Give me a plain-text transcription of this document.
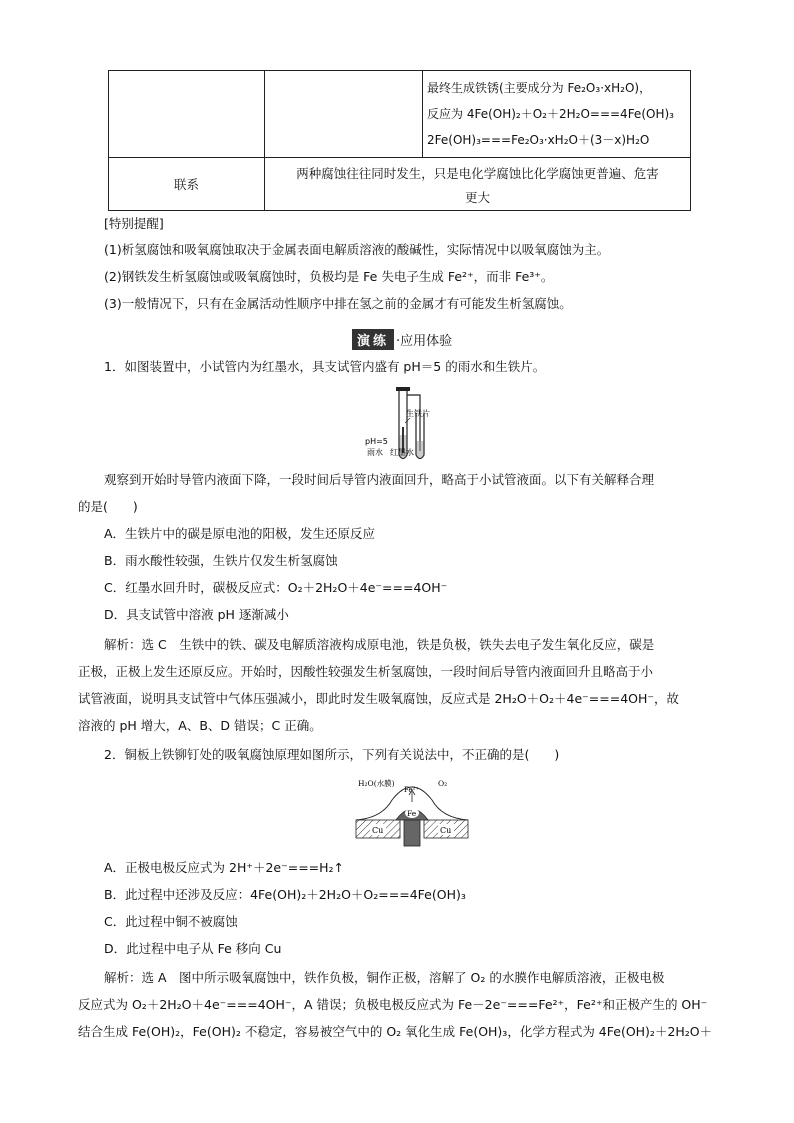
		最终生成铁锈(主要成分为 Fe₂O₃·xH₂O)，
反应为 4Fe(OH)₂＋O₂＋2H₂O===4Fe(OH)₃
2Fe(OH)₃===Fe₂O₃·xH₂O＋(3－x)H₂O

联系	两种腐蚀往往同时发生，只是电化学腐蚀比化学腐蚀更普遍、危害
更大	
[特别提醒]
(1)析氢腐蚀和吸氧腐蚀取决于金属表面电解质溶液的酸碱性，实际情况中以吸氧腐蚀为主。
(2)钢铁发生析氢腐蚀或吸氧腐蚀时，负极均是 Fe 失电子生成 Fe²⁺，而非 Fe³⁺。
(3)一般情况下，只有在金属活动性顺序中排在氢之前的金属才有可能发生析氢腐蚀。
演练 ·应用体验
1．如图装置中，小试管内为红墨水，具支试管内盛有 pH＝5 的雨水和生铁片。
生铁片
pH=5
雨水 红墨水
观察到开始时导管内液面下降，一段时间后导管内液面回升，略高于小试管液面。以下有关解释合理
的是(　　)
A．生铁片中的碳是原电池的阳极，发生还原反应
B．雨水酸性较强，生铁片仅发生析氢腐蚀
C．红墨水回升时，碳极反应式：O₂＋2H₂O＋4e⁻===4OH⁻
D．具支试管中溶液 pH 逐渐减小
解析：选 C　生铁中的铁、碳及电解质溶液构成原电池，铁是负极，铁失去电子发生氧化反应，碳是
正极，正极上发生还原反应。开始时，因酸性较强发生析氢腐蚀，一段时间后导管内液面回升且略高于小
试管液面，说明具支试管中气体压强减小，即此时发生吸氧腐蚀，反应式是 2H₂O＋O₂＋4e⁻===4OH⁻，故
溶液的 pH 增大，A、B、D 错误；C 正确。
2．铜板上铁铆钉处的吸氧腐蚀原理如图所示，下列有关说法中，不正确的是(　　)
H₂O(水膜)	O₂
Fe²⁺
Fe
Cu	Cu
A．正极电极反应式为 2H⁺＋2e⁻===H₂↑
B．此过程中还涉及反应：4Fe(OH)₂＋2H₂O＋O₂===4Fe(OH)₃
C．此过程中铜不被腐蚀
D．此过程中电子从 Fe 移向 Cu
解析：选 A　图中所示吸氧腐蚀中，铁作负极，铜作正极，溶解了 O₂ 的水膜作电解质溶液，正极电极
反应式为 O₂＋2H₂O＋4e⁻===4OH⁻，A 错误；负极电极反应式为 Fe－2e⁻===Fe²⁺，Fe²⁺和正极产生的 OH⁻
结合生成 Fe(OH)₂，Fe(OH)₂ 不稳定，容易被空气中的 O₂ 氧化生成 Fe(OH)₃，化学方程式为 4Fe(OH)₂＋2H₂O＋
